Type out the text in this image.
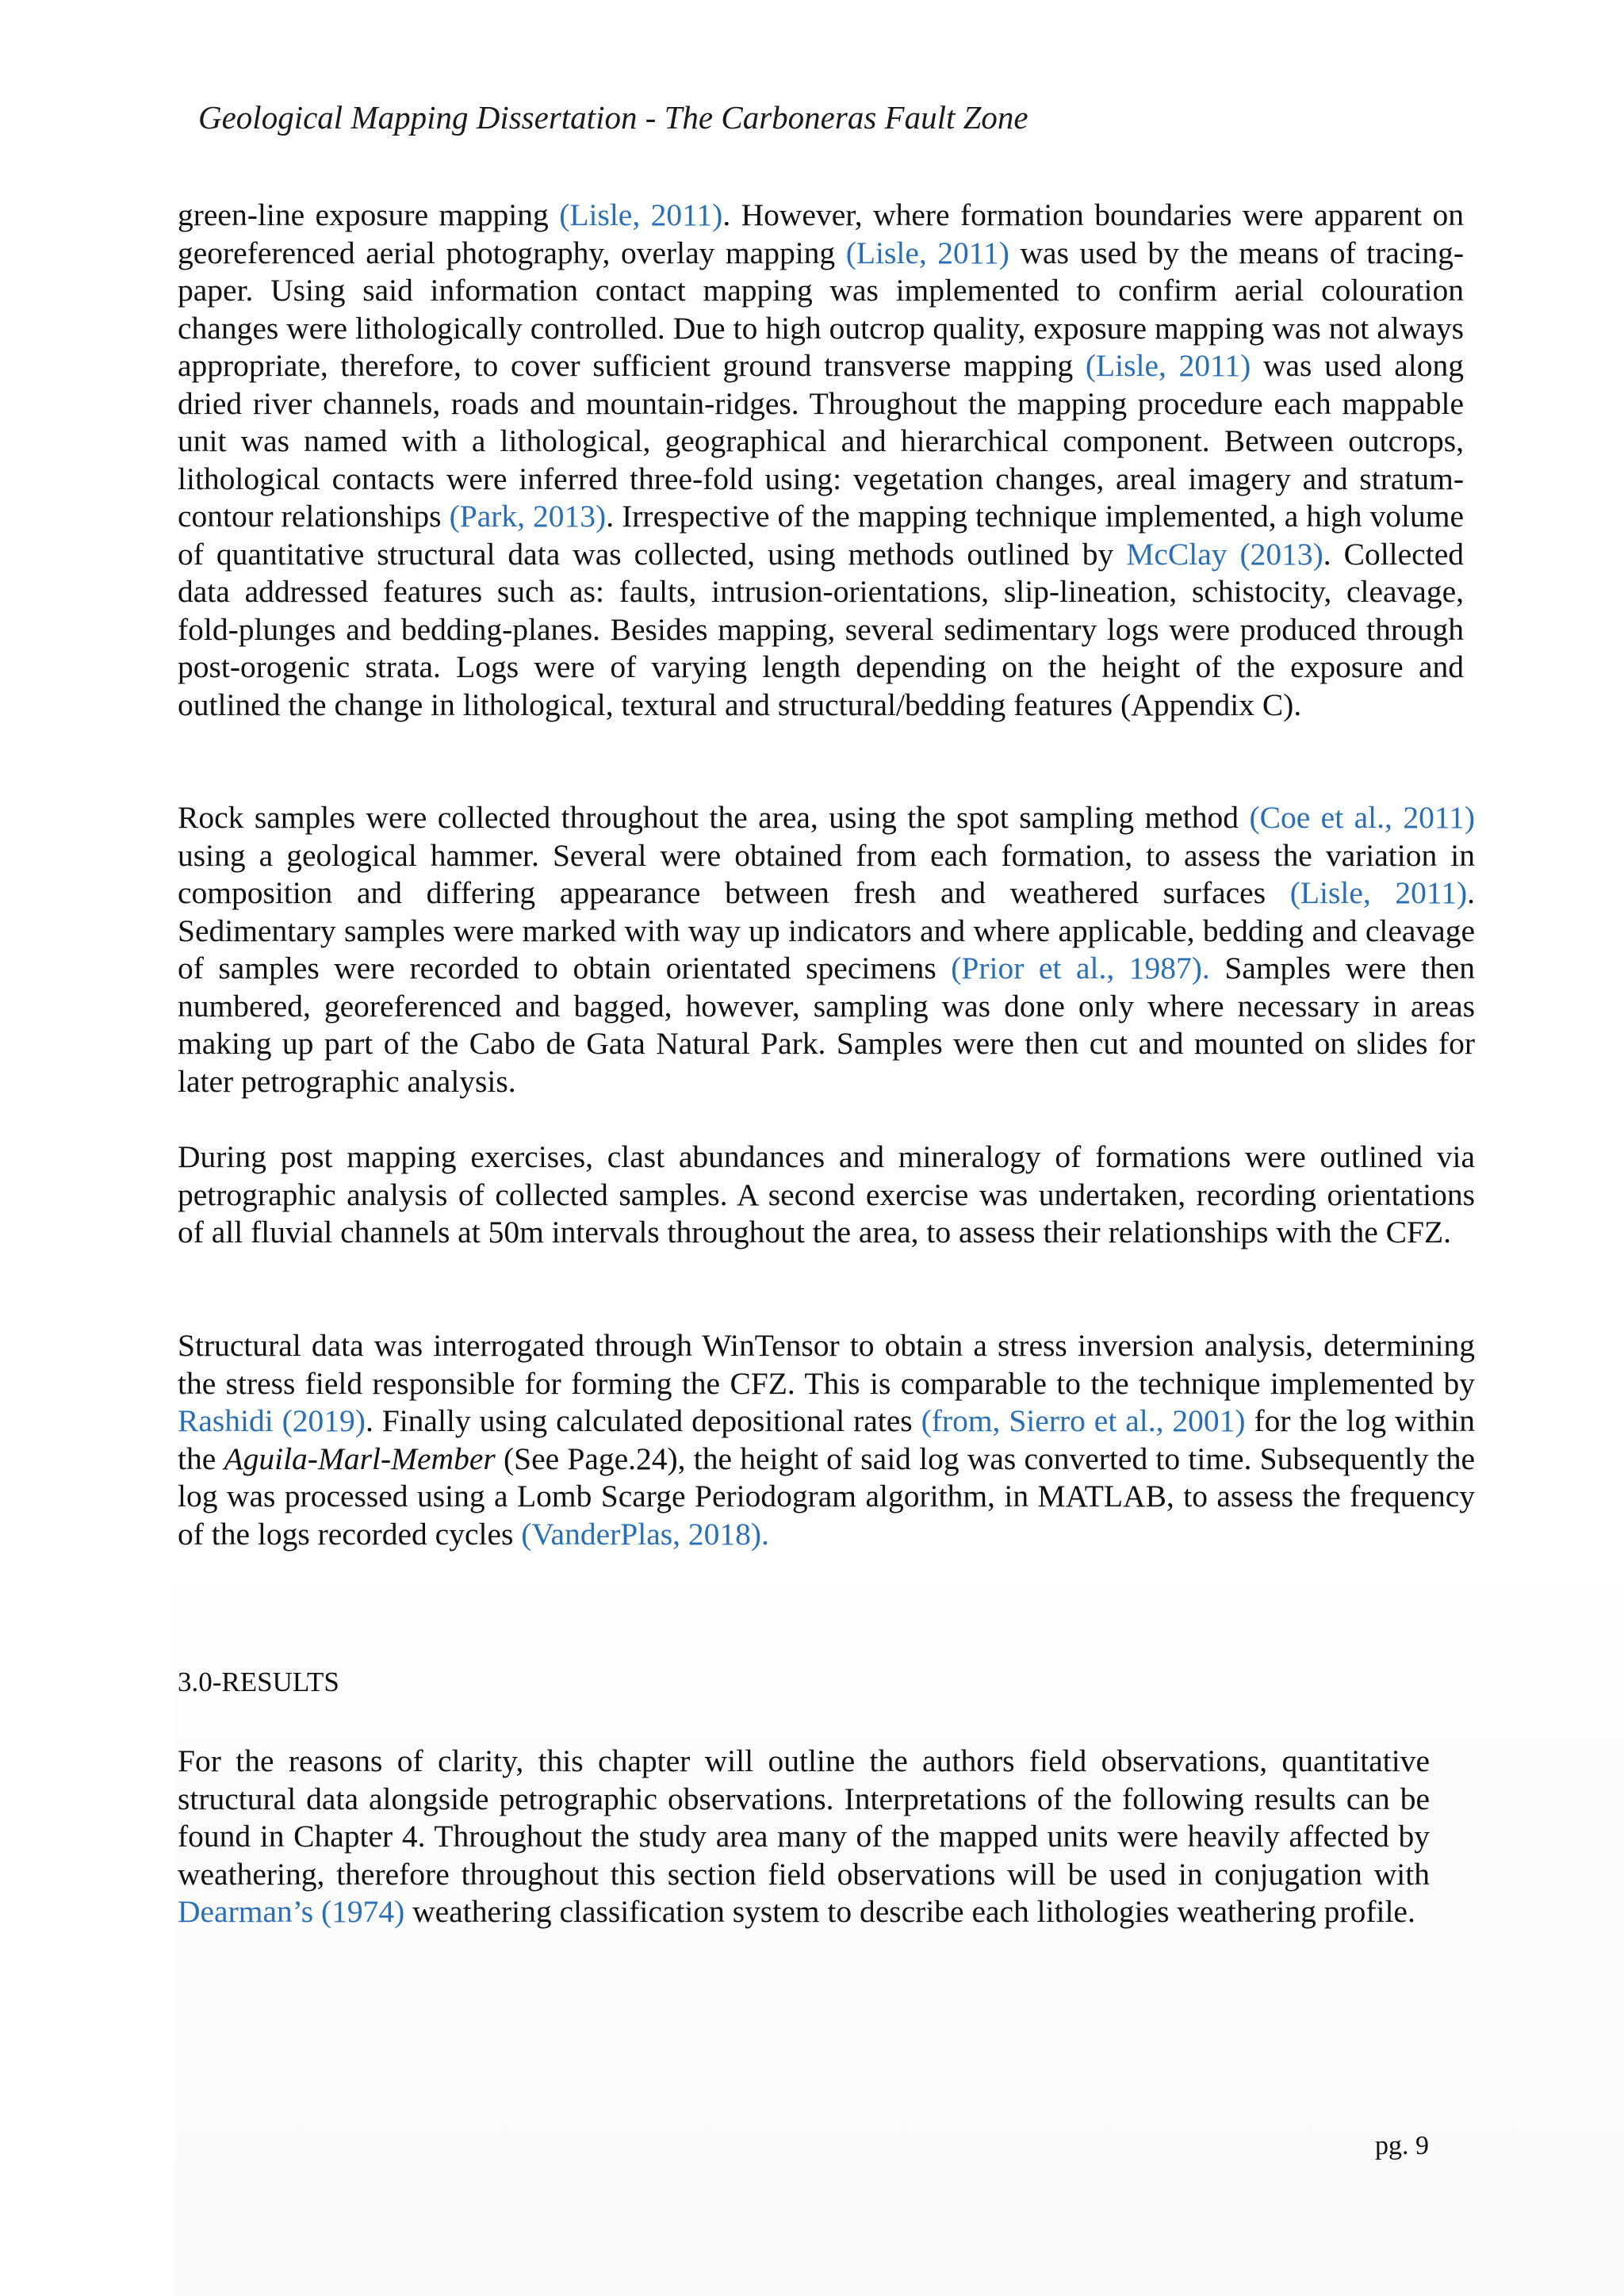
Geological Mapping Dissertation - The Carboneras Fault Zone

green-line exposure mapping (Lisle, 2011). However, where formation boundaries were apparent on georeferenced aerial photography, overlay mapping (Lisle, 2011) was used by the means of tracing-paper. Using said information contact mapping was implemented to confirm aerial colouration changes were lithologically controlled. Due to high outcrop quality, exposure mapping was not always appropriate, therefore, to cover sufficient ground transverse mapping (Lisle, 2011) was used along dried river channels, roads and mountain-ridges. Throughout the mapping procedure each mappable unit was named with a lithological, geographical and hierarchical component. Between outcrops, lithological contacts were inferred three-fold using: vegetation changes, areal imagery and stratum-contour relationships (Park, 2013). Irrespective of the mapping technique implemented, a high volume of quantitative structural data was collected, using methods outlined by McClay (2013). Collected data addressed features such as: faults, intrusion-orientations, slip-lineation, schistocity, cleavage, fold-plunges and bedding-planes. Besides mapping, several sedimentary logs were produced through post-orogenic strata. Logs were of varying length depending on the height of the exposure and outlined the change in lithological, textural and structural/bedding features (Appendix C).

Rock samples were collected throughout the area, using the spot sampling method (Coe et al., 2011) using a geological hammer. Several were obtained from each formation, to assess the variation in composition and differing appearance between fresh and weathered surfaces (Lisle, 2011). Sedimentary samples were marked with way up indicators and where applicable, bedding and cleavage of samples were recorded to obtain orientated specimens (Prior et al., 1987). Samples were then numbered, georeferenced and bagged, however, sampling was done only where necessary in areas making up part of the Cabo de Gata Natural Park. Samples were then cut and mounted on slides for later petrographic analysis.

During post mapping exercises, clast abundances and mineralogy of formations were outlined via petrographic analysis of collected samples. A second exercise was undertaken, recording orientations of all fluvial channels at 50m intervals throughout the area, to assess their relationships with the CFZ.

Structural data was interrogated through WinTensor to obtain a stress inversion analysis, determining the stress field responsible for forming the CFZ. This is comparable to the technique implemented by Rashidi (2019). Finally using calculated depositional rates (from, Sierro et al., 2001) for the log within the Aguila-Marl-Member (See Page.24), the height of said log was converted to time. Subsequently the log was processed using a Lomb Scarge Periodogram algorithm, in MATLAB, to assess the frequency of the logs recorded cycles (VanderPlas, 2018).

3.0-RESULTS

For the reasons of clarity, this chapter will outline the authors field observations, quantitative structural data alongside petrographic observations. Interpretations of the following results can be found in Chapter 4. Throughout the study area many of the mapped units were heavily affected by weathering, therefore throughout this section field observations will be used in conjugation with Dearman’s (1974) weathering classification system to describe each lithologies weathering profile.

pg. 9
